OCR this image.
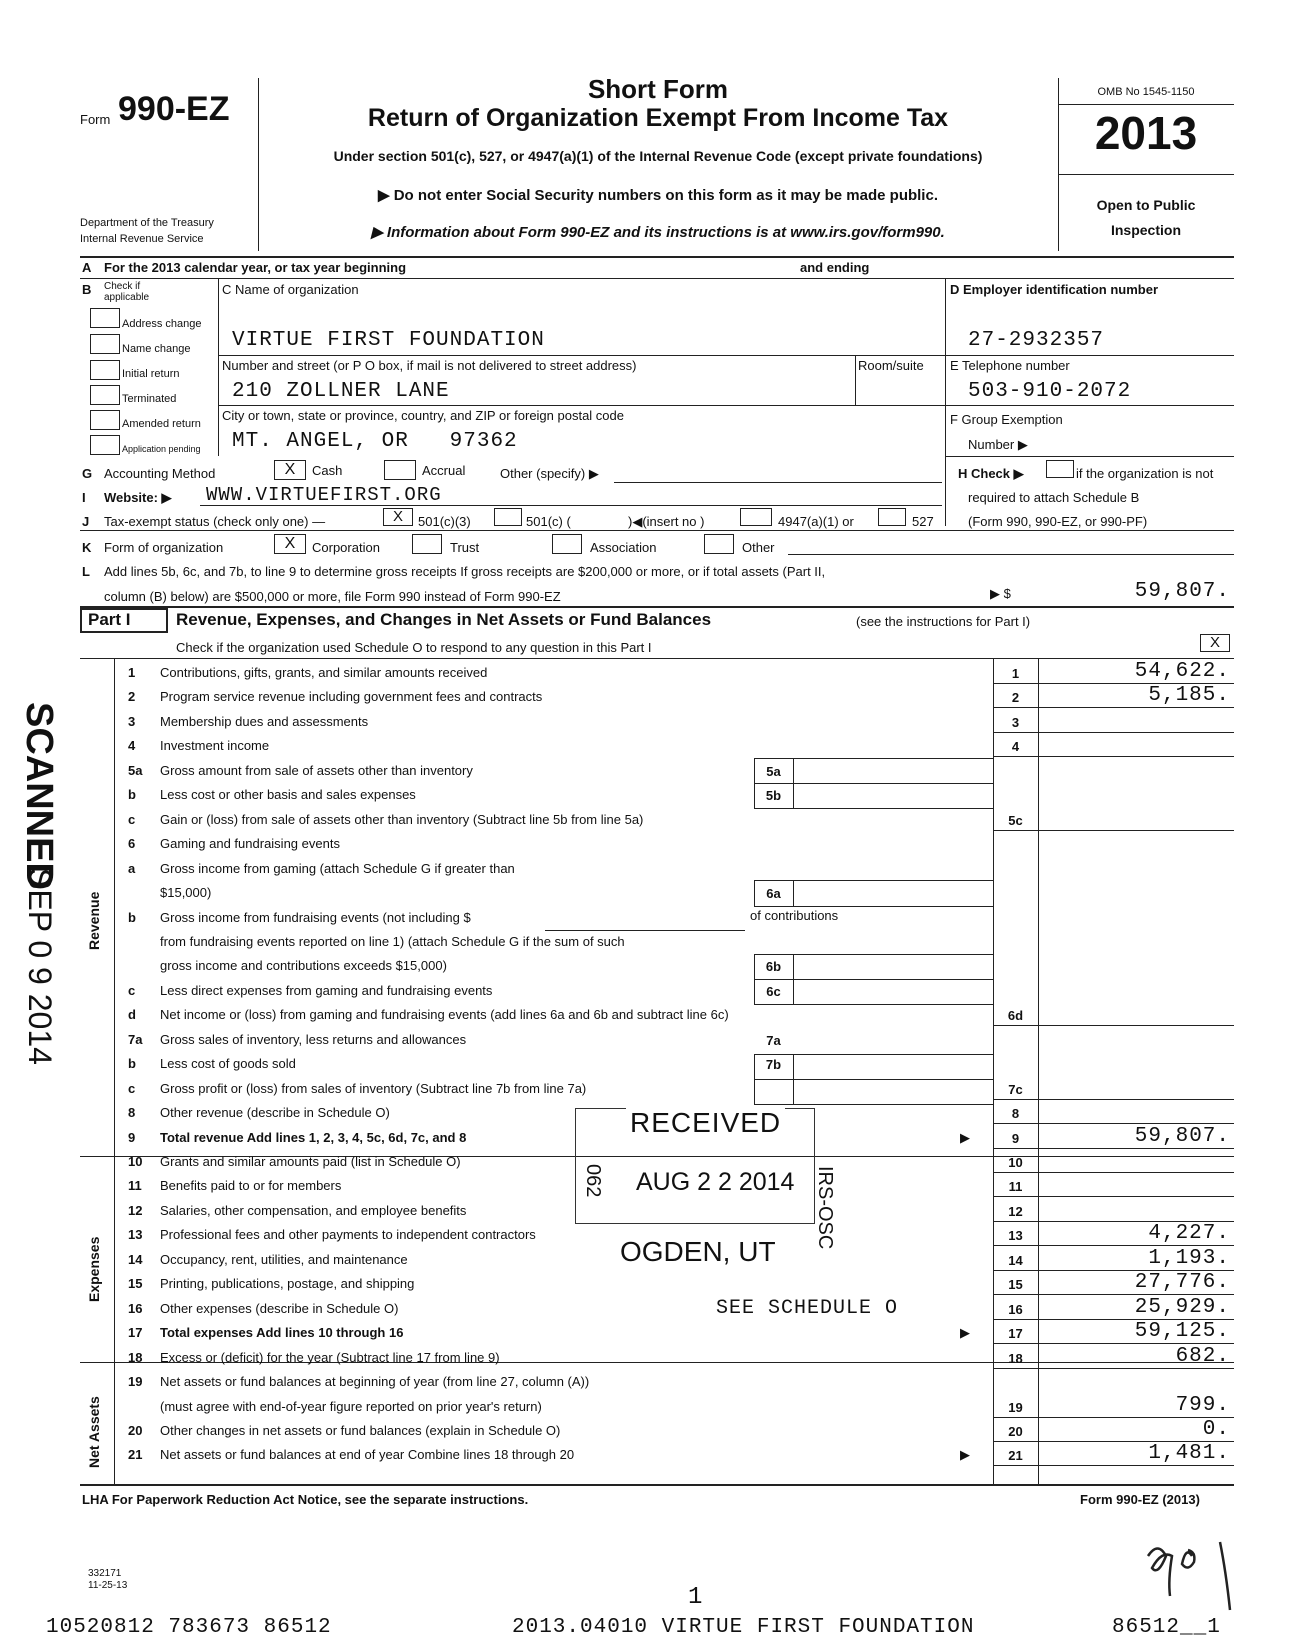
Form 990-EZ
Department of the Treasury
Internal Revenue Service
Short Form
Return of Organization Exempt From Income Tax
Under section 501(c), 527, or 4947(a)(1) of the Internal Revenue Code (except private foundations)
▶ Do not enter Social Security numbers on this form as it may be made public.
▶ Information about Form 990-EZ and its instructions is at www.irs.gov/form990.
OMB No 1545-1150
2013
Open to Public
Inspection
A For the 2013 calendar year, or tax year beginning	and ending
B Check if applicable
Address change
Name change
Initial return
Terminated
Amended return
Application pending
C Name of organization
VIRTUE FIRST FOUNDATION
Number and street (or P O box, if mail is not delivered to street address)	Room/suite
210 ZOLLNER LANE
City or town, state or province, country, and ZIP or foreign postal code
MT. ANGEL, OR   97362
D Employer identification number
27-2932357
E Telephone number
503-910-2072
F Group Exemption
Number ▶
G Accounting Method	X	Cash	Accrual	Other (specify) ▶	H Check ▶	if the organization is not
required to attach Schedule B
(Form 990, 990-EZ, or 990-PF)
I Website: ▶ WWW.VIRTUEFIRST.ORG
J Tax-exempt status (check only one) —	X	501(c)(3)	501(c) (	)◀(insert no )	4947(a)(1) or	527
K Form of organization	X	Corporation	Trust	Association	Other
L Add lines 5b, 6c, and 7b, to line 9 to determine gross receipts If gross receipts are $200,000 or more, or if total assets (Part II,
column (B) below) are $500,000 or more, file Form 990 instead of Form 990-EZ	▶ $	59,807.
Part I	Revenue, Expenses, and Changes in Net Assets or Fund Balances	(see the instructions for Part I)
Check if the organization used Schedule O to respond to any question in this Part I	X
Revenue
Expenses
Net Assets
1 Contributions, gifts, grants, and similar amounts received	1	54,622.
2 Program service revenue including government fees and contracts	2	5,185.
3 Membership dues and assessments	3
4 Investment income	4
5a Gross amount from sale of assets other than inventory	5a
b Less cost or other basis and sales expenses	5b
c Gain or (loss) from sale of assets other than inventory (Subtract line 5b from line 5a)	5c
6 Gaming and fundraising events
a Gross income from gaming (attach Schedule G if greater than
$15,000)	6a
b Gross income from fundraising events (not including $	of contributions
from fundraising events reported on line 1) (attach Schedule G if the sum of such
gross income and contributions exceeds $15,000)	6b
c Less direct expenses from gaming and fundraising events	6c
d Net income or (loss) from gaming and fundraising events (add lines 6a and 6b and subtract line 6c)	6d
7a Gross sales of inventory, less returns and allowances	7a
b Less cost of goods sold	7b
c Gross profit or (loss) from sales of inventory (Subtract line 7b from line 7a)	7c
8 Other revenue (describe in Schedule O)	8
9 Total revenue Add lines 1, 2, 3, 4, 5c, 6d, 7c, and 8	▶	9	59,807.
10 Grants and similar amounts paid (list in Schedule O)	10
11 Benefits paid to or for members	11
12 Salaries, other compensation, and employee benefits	12
13 Professional fees and other payments to independent contractors	13	4,227.
14 Occupancy, rent, utilities, and maintenance	14	1,193.
15 Printing, publications, postage, and shipping	15	27,776.
16 Other expenses (describe in Schedule O)	SEE SCHEDULE O	16	25,929.
17 Total expenses Add lines 10 through 16	▶	17	59,125.
18 Excess or (deficit) for the year (Subtract line 17 from line 9)	18	682.
19 Net assets or fund balances at beginning of year (from line 27, column (A))
(must agree with end-of-year figure reported on prior year's return)	19	799.
20 Other changes in net assets or fund balances (explain in Schedule O)	20	0.
21 Net assets or fund balances at end of year Combine lines 18 through 20	▶	21	1,481.
RECEIVED
AUG 2 2 2014
OGDEN, UT
062	IRS-OSC
SCANNED
SEP 0 9 2014
LHA For Paperwork Reduction Act Notice, see the separate instructions.	Form 990-EZ (2013)
332171
11-25-13	1
10520812 783673 86512	2013.04010 VIRTUE FIRST FOUNDATION	86512__1
